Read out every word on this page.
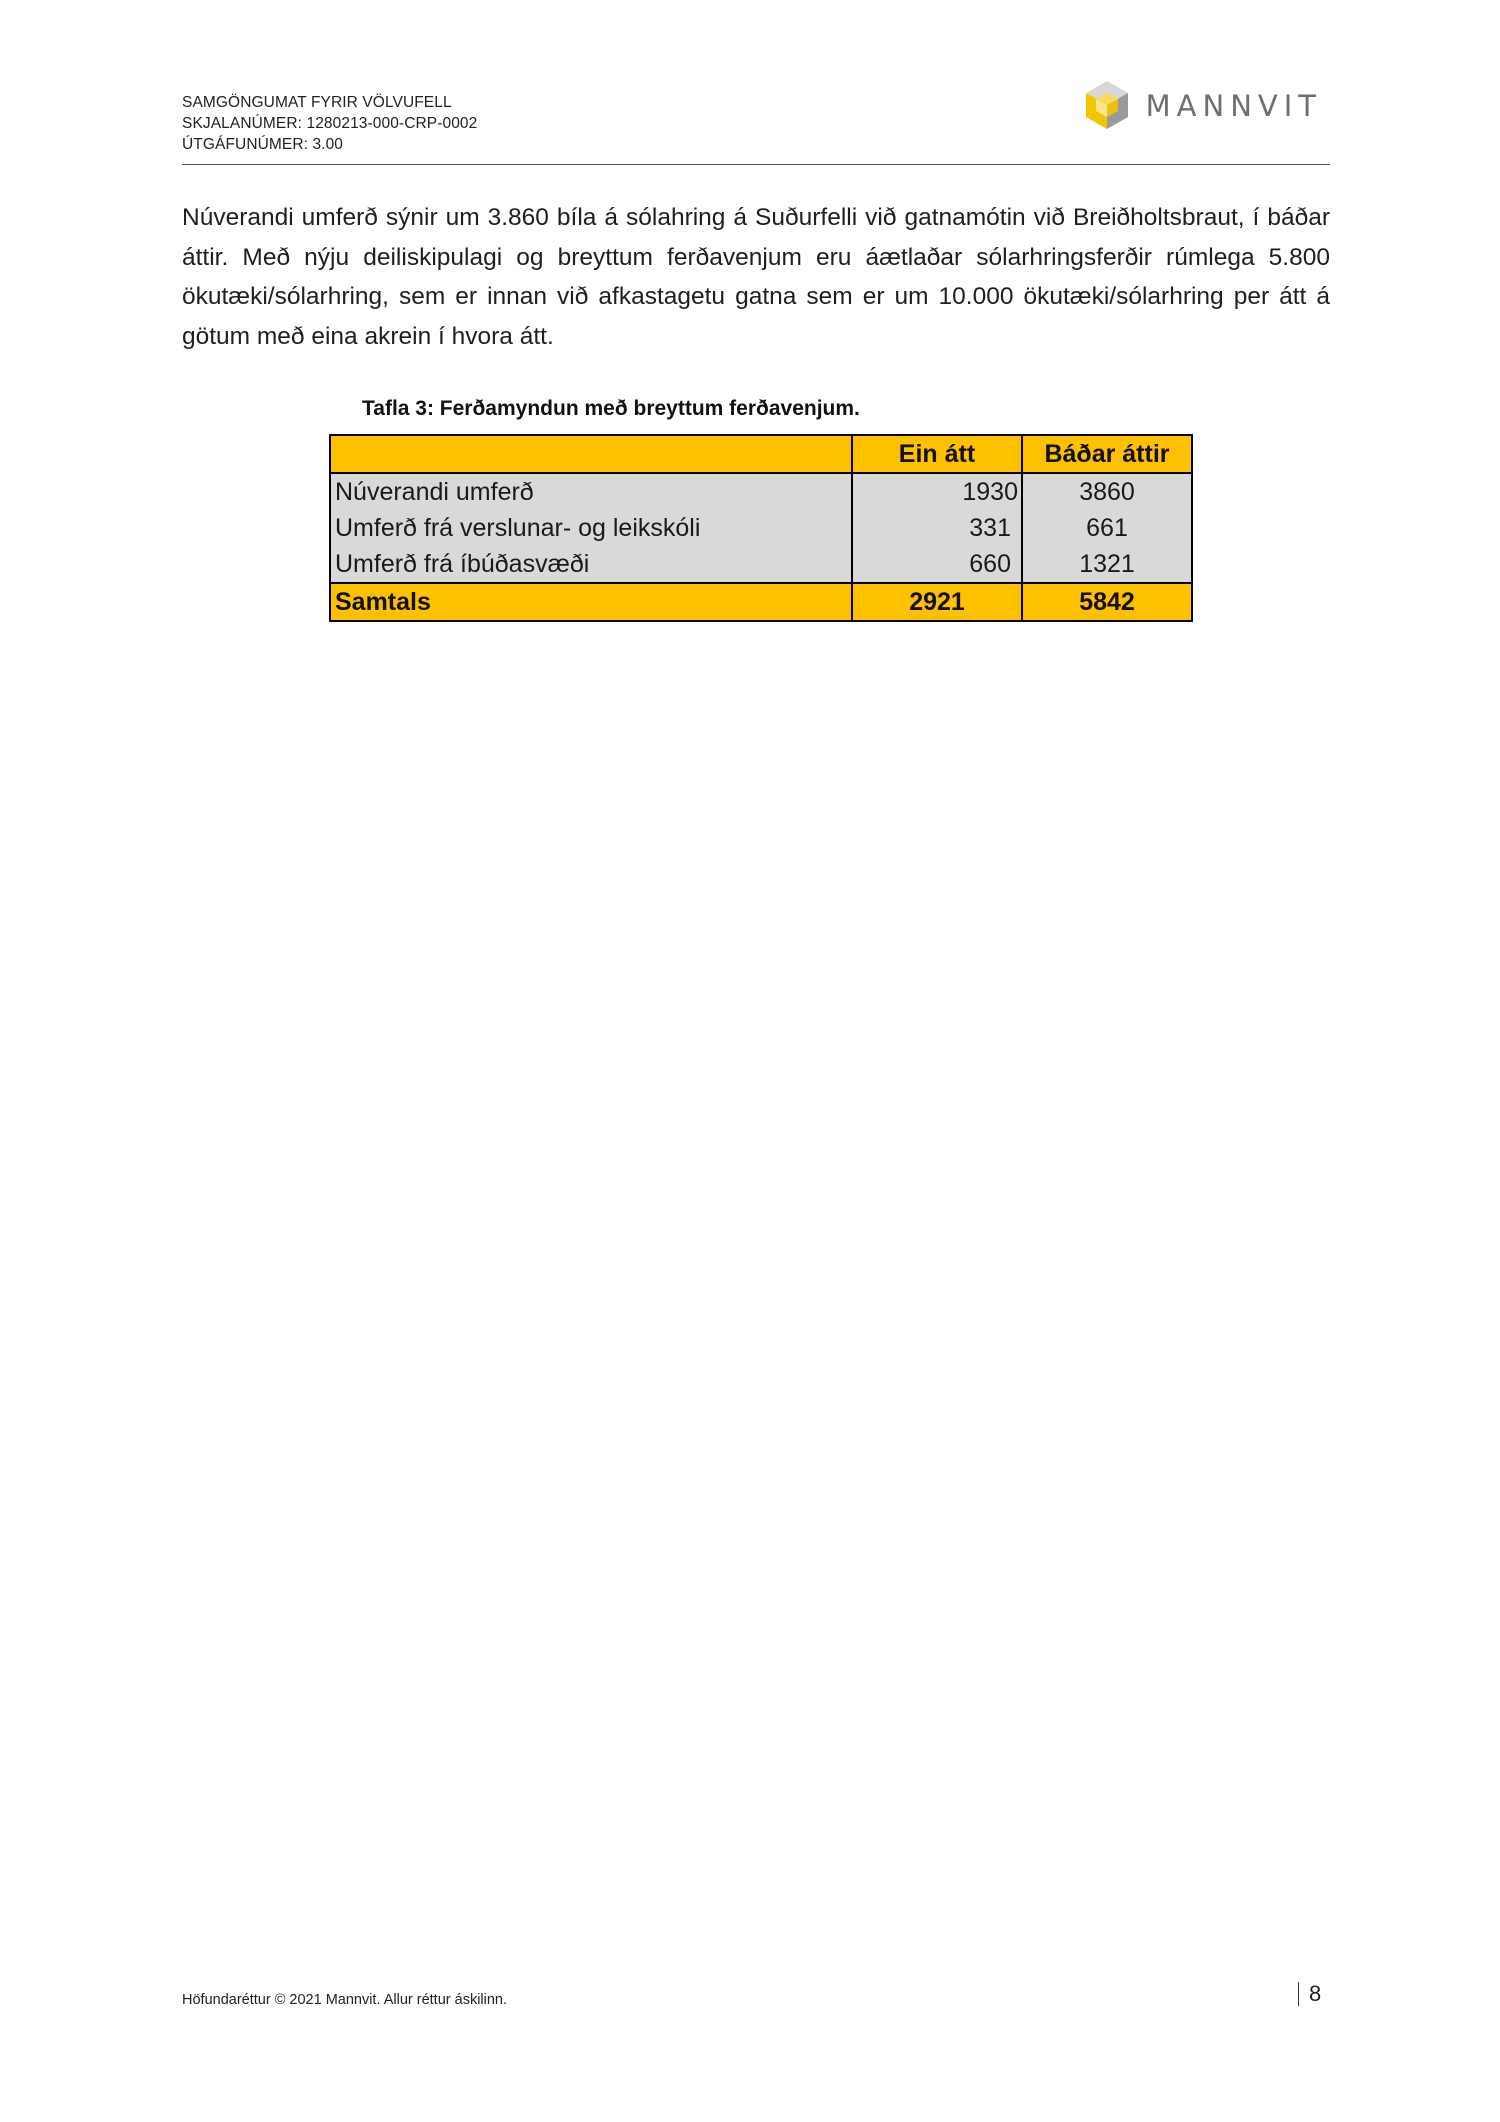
SAMGÖNGUMAT FYRIR VÖLVUFELL
SKJALANÚMER: 1280213-000-CRP-0002
ÚTGÁFUNÚMER: 3.00
MANNVIT

Núverandi umferð sýnir um 3.860 bíla á sólahring á Suðurfelli við gatnamótin við Breiðholtsbraut, í báðar áttir. Með nýju deiliskipulagi og breyttum ferðavenjum eru áætlaðar sólarhringsferðir rúmlega 5.800 ökutæki/sólarhring, sem er innan við afkastagetu gatna sem er um 10.000 ökutæki/sólarhring per átt á götum með eina akrein í hvora átt.

Tafla 3: Ferðamyndun með breyttum ferðavenjum.
	Ein átt	Báðar áttir
Núverandi umferð	1930	3860
Umferð frá verslunar- og leikskóli	331	661
Umferð frá íbúðasvæði	660	1321
Samtals	2921	5842
Höfundaréttur © 2021 Mannvit. Allur réttur áskilinn.	8
